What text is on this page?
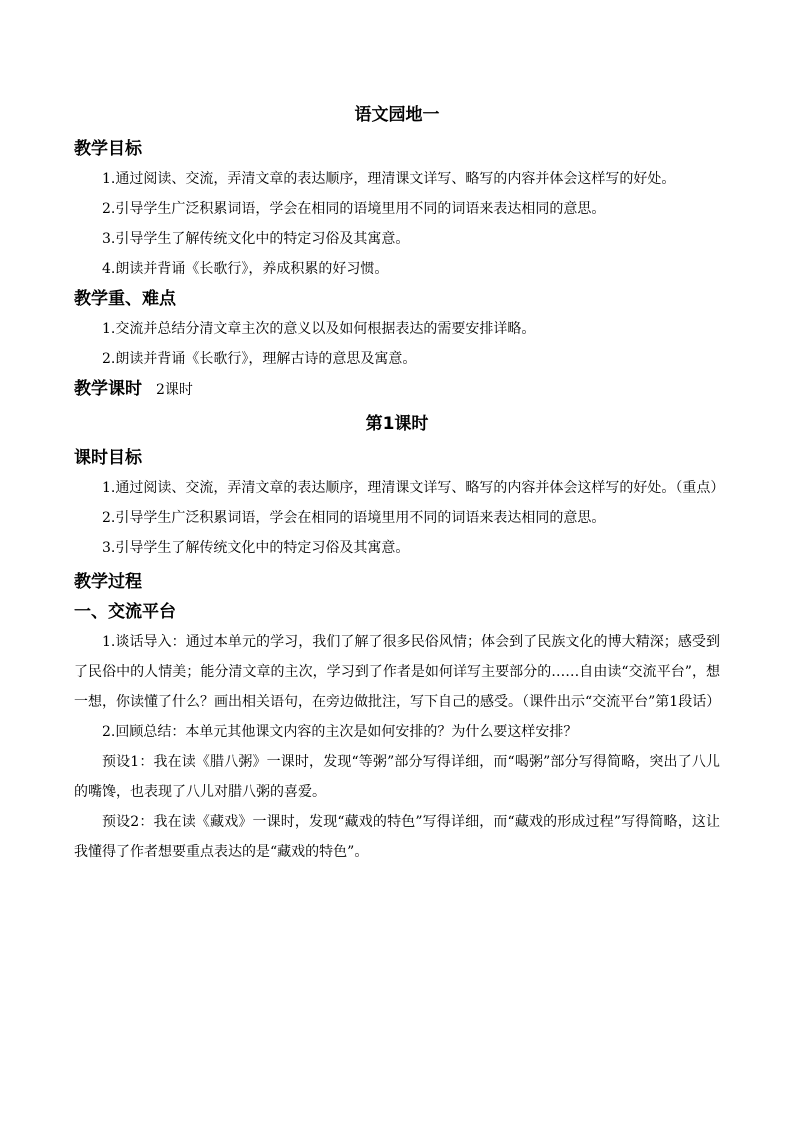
语文园地一

教学目标

1.通过阅读、交流，弄清文章的表达顺序，理清课文详写、略写的内容并体会这样写的好处。

2.引导学生广泛积累词语，学会在相同的语境里用不同的词语来表达相同的意思。

3.引导学生了解传统文化中的特定习俗及其寓意。

4.朗读并背诵《长歌行》，养成积累的好习惯。

教学重、难点

1.交流并总结分清文章主次的意义以及如何根据表达的需要安排详略。

2.朗读并背诵《长歌行》，理解古诗的意思及寓意。

教学课时 2课时

第1课时

课时目标

1.通过阅读、交流，弄清文章的表达顺序，理清课文详写、略写的内容并体会这样写的好处。（重点）

2.引导学生广泛积累词语，学会在相同的语境里用不同的词语来表达相同的意思。

3.引导学生了解传统文化中的特定习俗及其寓意。

教学过程

一、交流平台

1.谈话导入：通过本单元的学习，我们了解了很多民俗风情；体会到了民族文化的博大精深；感受到了民俗中的人情美；能分清文章的主次，学习到了作者是如何详写主要部分的……自由读“交流平台”，想一想，你读懂了什么？画出相关语句，在旁边做批注，写下自己的感受。（课件出示“交流平台”第1段话）

2.回顾总结：本单元其他课文内容的主次是如何安排的？为什么要这样安排？

预设1：我在读《腊八粥》一课时，发现“等粥”部分写得详细，而“喝粥”部分写得简略，突出了八儿的嘴馋，也表现了八儿对腊八粥的喜爱。

预设2：我在读《藏戏》一课时，发现“藏戏的特色”写得详细，而“藏戏的形成过程”写得简略，这让我懂得了作者想要重点表达的是“藏戏的特色”。
